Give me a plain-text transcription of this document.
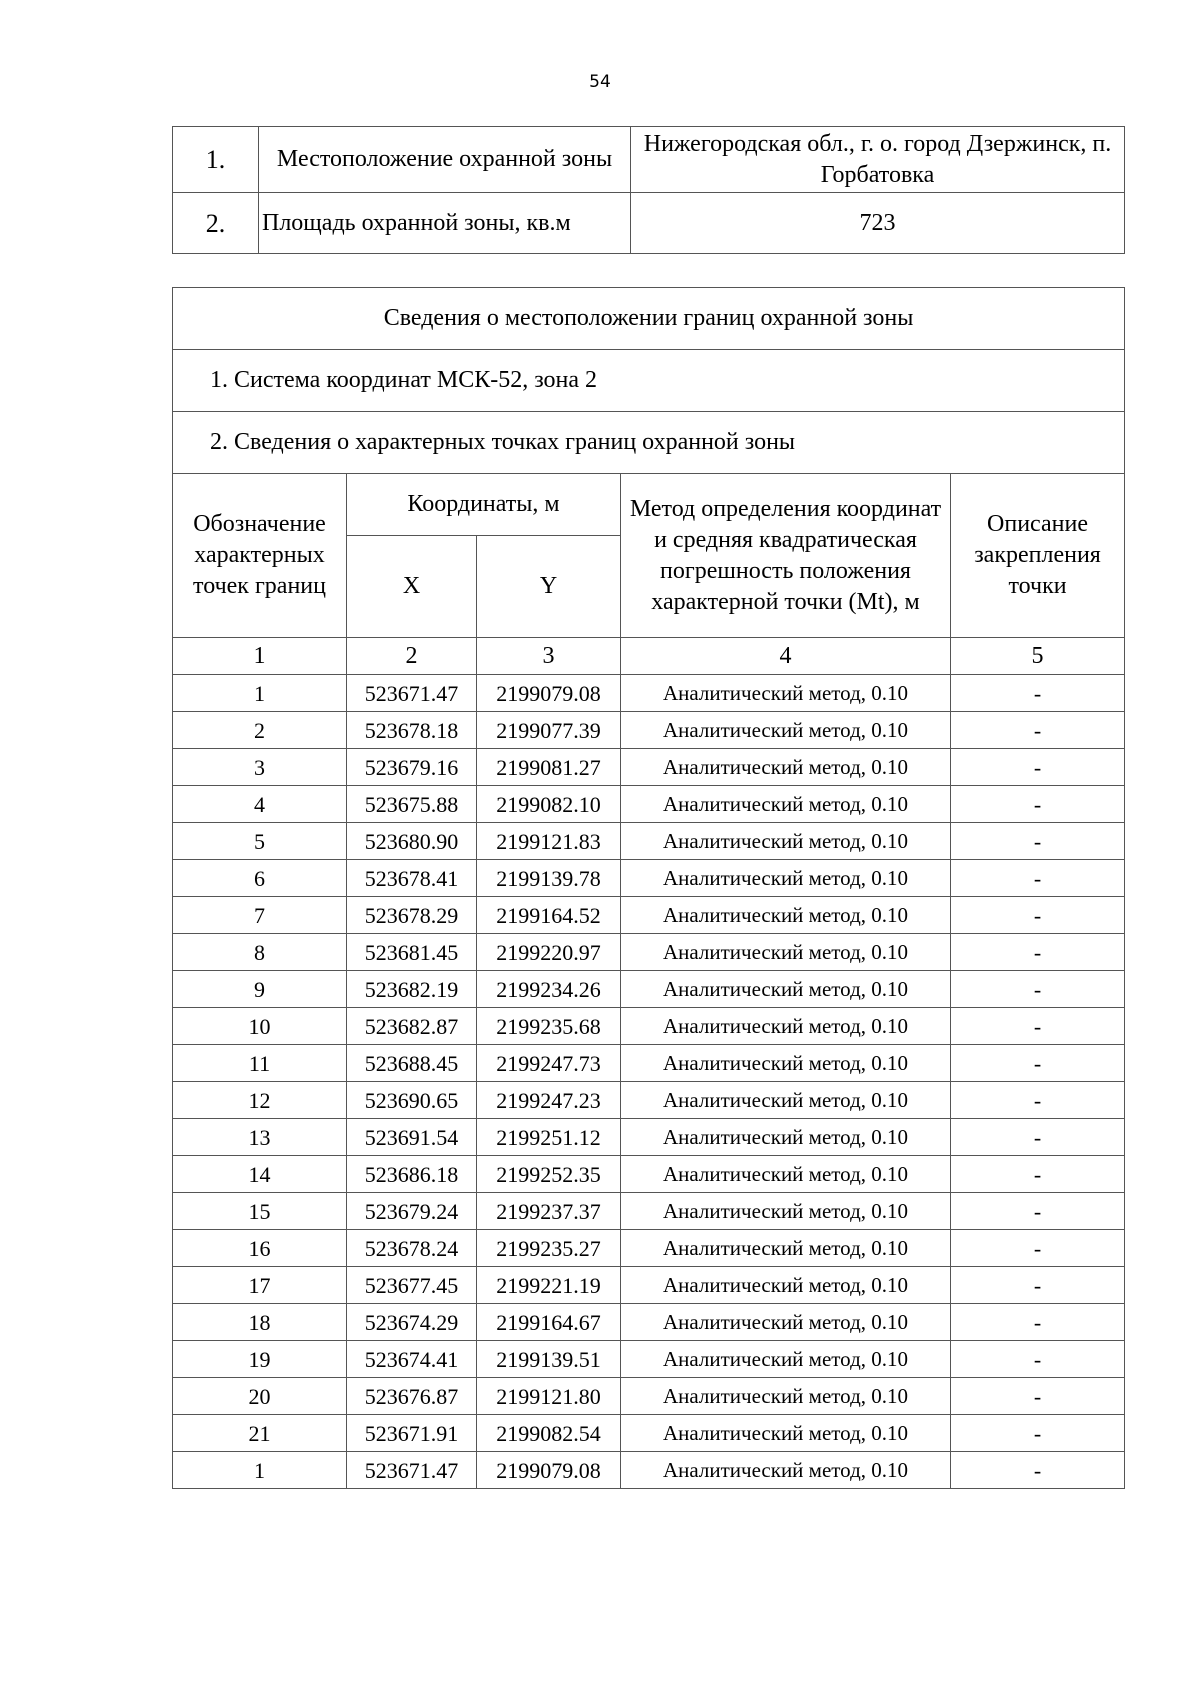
54
1.	Местоположение охранной зоны	Нижегородская обл., г. о. город Дзержинск, п. Горбатовка
2.	Площадь охранной зоны, кв.м	723
Сведения о местоположении границ охранной зоны				
1. Система координат МСК-52, зона 2				
2. Сведения о характерных точках границ охранной зоны				
Обозначение характерных точек границ	Координаты, м		Метод определения координат и средняя квадратическая погрешность положения характерной точки (Mt), м	Описание закрепления точки
	X	Y		
1	2	3	4	5
1	523671.47	2199079.08	Аналитический метод, 0.10	-
2	523678.18	2199077.39	Аналитический метод, 0.10	-
3	523679.16	2199081.27	Аналитический метод, 0.10	-
4	523675.88	2199082.10	Аналитический метод, 0.10	-
5	523680.90	2199121.83	Аналитический метод, 0.10	-
6	523678.41	2199139.78	Аналитический метод, 0.10	-
7	523678.29	2199164.52	Аналитический метод, 0.10	-
8	523681.45	2199220.97	Аналитический метод, 0.10	-
9	523682.19	2199234.26	Аналитический метод, 0.10	-
10	523682.87	2199235.68	Аналитический метод, 0.10	-
11	523688.45	2199247.73	Аналитический метод, 0.10	-
12	523690.65	2199247.23	Аналитический метод, 0.10	-
13	523691.54	2199251.12	Аналитический метод, 0.10	-
14	523686.18	2199252.35	Аналитический метод, 0.10	-
15	523679.24	2199237.37	Аналитический метод, 0.10	-
16	523678.24	2199235.27	Аналитический метод, 0.10	-
17	523677.45	2199221.19	Аналитический метод, 0.10	-
18	523674.29	2199164.67	Аналитический метод, 0.10	-
19	523674.41	2199139.51	Аналитический метод, 0.10	-
20	523676.87	2199121.80	Аналитический метод, 0.10	-
21	523671.91	2199082.54	Аналитический метод, 0.10	-
1	523671.47	2199079.08	Аналитический метод, 0.10	-
